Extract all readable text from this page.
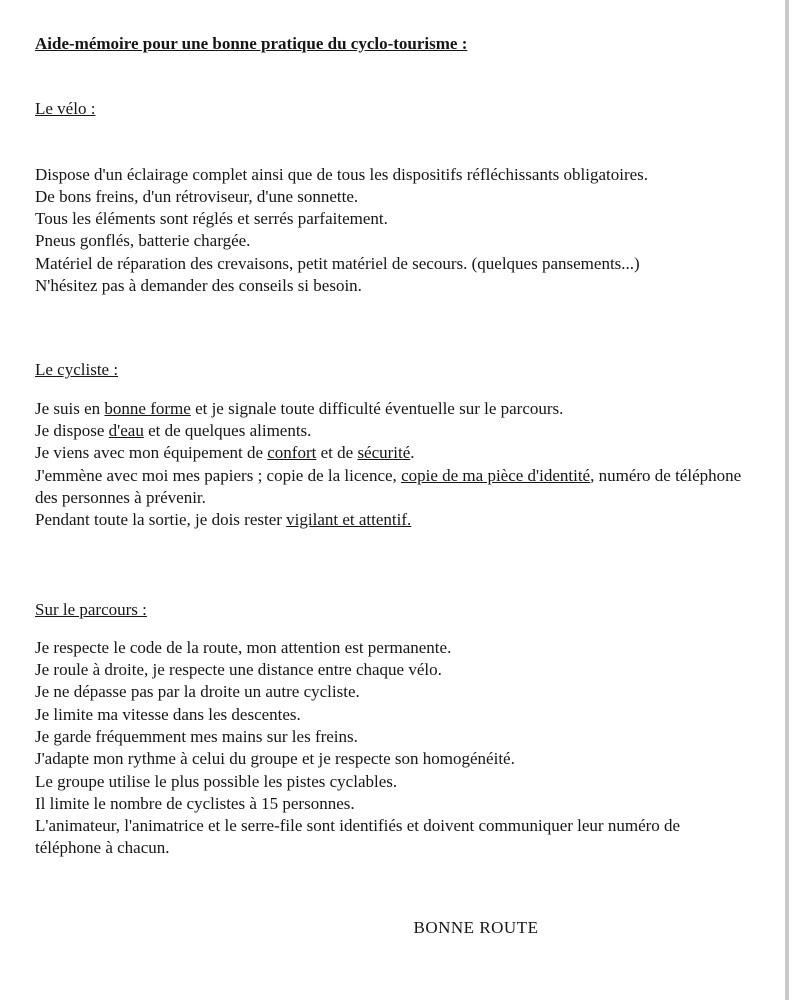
Aide-mémoire pour une bonne pratique du cyclo-tourisme :
Le vélo :
Dispose d'un éclairage complet ainsi que de tous les dispositifs réfléchissants obligatoires.
De bons freins, d'un rétroviseur, d'une sonnette.
Tous les éléments sont réglés et serrés parfaitement.
Pneus gonflés, batterie chargée.
Matériel de réparation des crevaisons, petit matériel de secours. (quelques pansements...)
N'hésitez pas à demander des conseils si besoin.
Le cycliste :
Je suis en bonne forme et je signale toute difficulté éventuelle sur le parcours.
Je dispose d'eau et de quelques aliments.
Je viens avec mon équipement de confort et de sécurité.
J'emmène avec moi mes papiers ; copie de la licence, copie de ma pièce d'identité, numéro de téléphone des personnes à prévenir.
Pendant toute la sortie, je dois rester vigilant et attentif.
Sur le parcours :
Je respecte le code de la route, mon attention est permanente.
Je roule à droite, je respecte une distance entre chaque vélo.
Je ne dépasse pas par la droite un autre cycliste.
Je limite ma vitesse dans les descentes.
Je garde fréquemment mes mains sur les freins.
J'adapte mon rythme à celui du groupe et je respecte son homogénéité.
Le groupe utilise le plus possible les pistes cyclables.
Il limite le nombre de cyclistes à 15 personnes.
L'animateur, l'animatrice et le serre-file sont identifiés et doivent communiquer leur numéro de téléphone à chacun.
BONNE ROUTE
